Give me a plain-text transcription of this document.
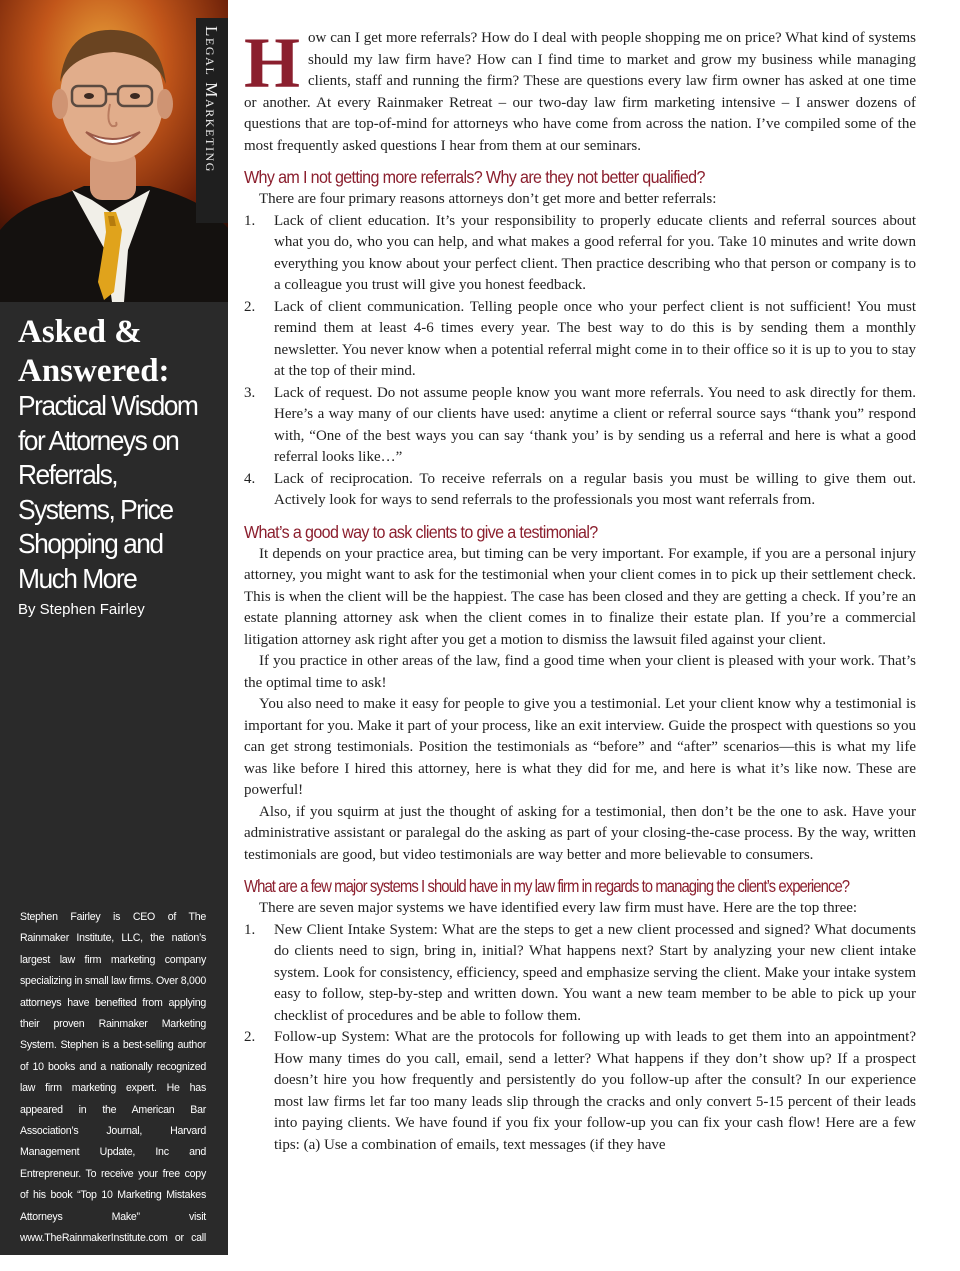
Legal Marketing
Asked & Answered:

Practical Wisdom for Attorneys on Referrals, Systems, Price Shopping and Much More

By Stephen Fairley

Stephen Fairley is CEO of The Rainmaker Institute, LLC, the nation’s largest law firm marketing company specializing in small law firms. Over 8,000 attorneys have benefited from applying their proven Rainmaker Marketing System. Stephen is a best-selling author of 10 books and a nationally recognized law firm marketing expert. He has appeared in the American Bar Association’s Journal, Harvard Management Update, Inc and Entrepreneur. To receive your free copy of his book “Top 10 Marketing Mistakes Attorneys Make” visit www.TheRainmakerInstitute.com or call 888-588-5891.

How can I get more referrals? How do I deal with people shopping me on price? What kind of systems should my law firm have? How can I find time to market and grow my business while managing clients, staff and running the firm? These are questions every law firm owner has asked at one time or another. At every Rainmaker Retreat – our two-day law firm marketing intensive – I answer dozens of questions that are top-of-mind for attorneys who have come from across the nation. I’ve compiled some of the most frequently asked questions I hear from them at our seminars.

Why am I not getting more referrals? Why are they not better qualified?

There are four primary reasons attorneys don’t get more and better referrals:

1. Lack of client education. It’s your responsibility to properly educate clients and referral sources about what you do, who you can help, and what makes a good referral for you. Take 10 minutes and write down everything you know about your perfect client. Then practice describing who that person or company is to a colleague you trust will give you honest feedback.
2. Lack of client communication. Telling people once who your perfect client is not sufficient! You must remind them at least 4-6 times every year. The best way to do this is by sending them a monthly newsletter. You never know when a potential referral might come in to their office so it is up to you to stay at the top of their mind.
3. Lack of request. Do not assume people know you want more referrals. You need to ask directly for them. Here’s a way many of our clients have used: anytime a client or referral source says “thank you” respond with, “One of the best ways you can say ‘thank you’ is by sending us a referral and here is what a good referral looks like…”
4. Lack of reciprocation. To receive referrals on a regular basis you must be willing to give them out. Actively look for ways to send referrals to the professionals you most want referrals from.
What’s a good way to ask clients to give a testimonial?

It depends on your practice area, but timing can be very important. For example, if you are a personal injury attorney, you might want to ask for the testimonial when your client comes in to pick up their settlement check. This is when the client will be the happiest. The case has been closed and they are getting a check. If you’re an estate planning attorney ask when the client comes in to finalize their estate plan. If you’re a commercial litigation attorney ask right after you get a motion to dismiss the lawsuit filed against your client.

If you practice in other areas of the law, find a good time when your client is pleased with your work. That’s the optimal time to ask!

You also need to make it easy for people to give you a testimonial. Let your client know why a testimonial is important for you. Make it part of your process, like an exit interview. Guide the prospect with questions so you can get strong testimonials. Position the testimonials as “before” and “after” scenarios—this is what my life was like before I hired this attorney, here is what they did for me, and here is what it’s like now. These are powerful!

Also, if you squirm at just the thought of asking for a testimonial, then don’t be the one to ask. Have your administrative assistant or paralegal do the asking as part of your closing-the-case process. By the way, written testimonials are good, but video testimonials are way better and more believable to consumers.

What are a few major systems I should have in my law firm in regards to managing the client’s experience?

There are seven major systems we have identified every law firm must have. Here are the top three:

1. New Client Intake System: What are the steps to get a new client processed and signed? What documents do clients need to sign, bring in, initial? What happens next? Start by analyzing your new client intake system. Look for consistency, efficiency, speed and emphasize serving the client. Make your intake system easy to follow, step-by-step and written down. You want a new team member to be able to pick up your checklist of procedures and be able to follow them.
2. Follow-up System: What are the protocols for following up with leads to get them into an appointment? How many times do you call, email, send a letter? What happens if they don’t show up? If a prospect doesn’t hire you how frequently and persistently do you follow-up after the consult? In our experience most law firms let far too many leads slip through the cracks and only convert 5-15 percent of their leads into paying clients. We have found if you fix your follow-up you can fix your cash flow! Here are a few tips: (a) Use a combination of emails, text messages (if they have
